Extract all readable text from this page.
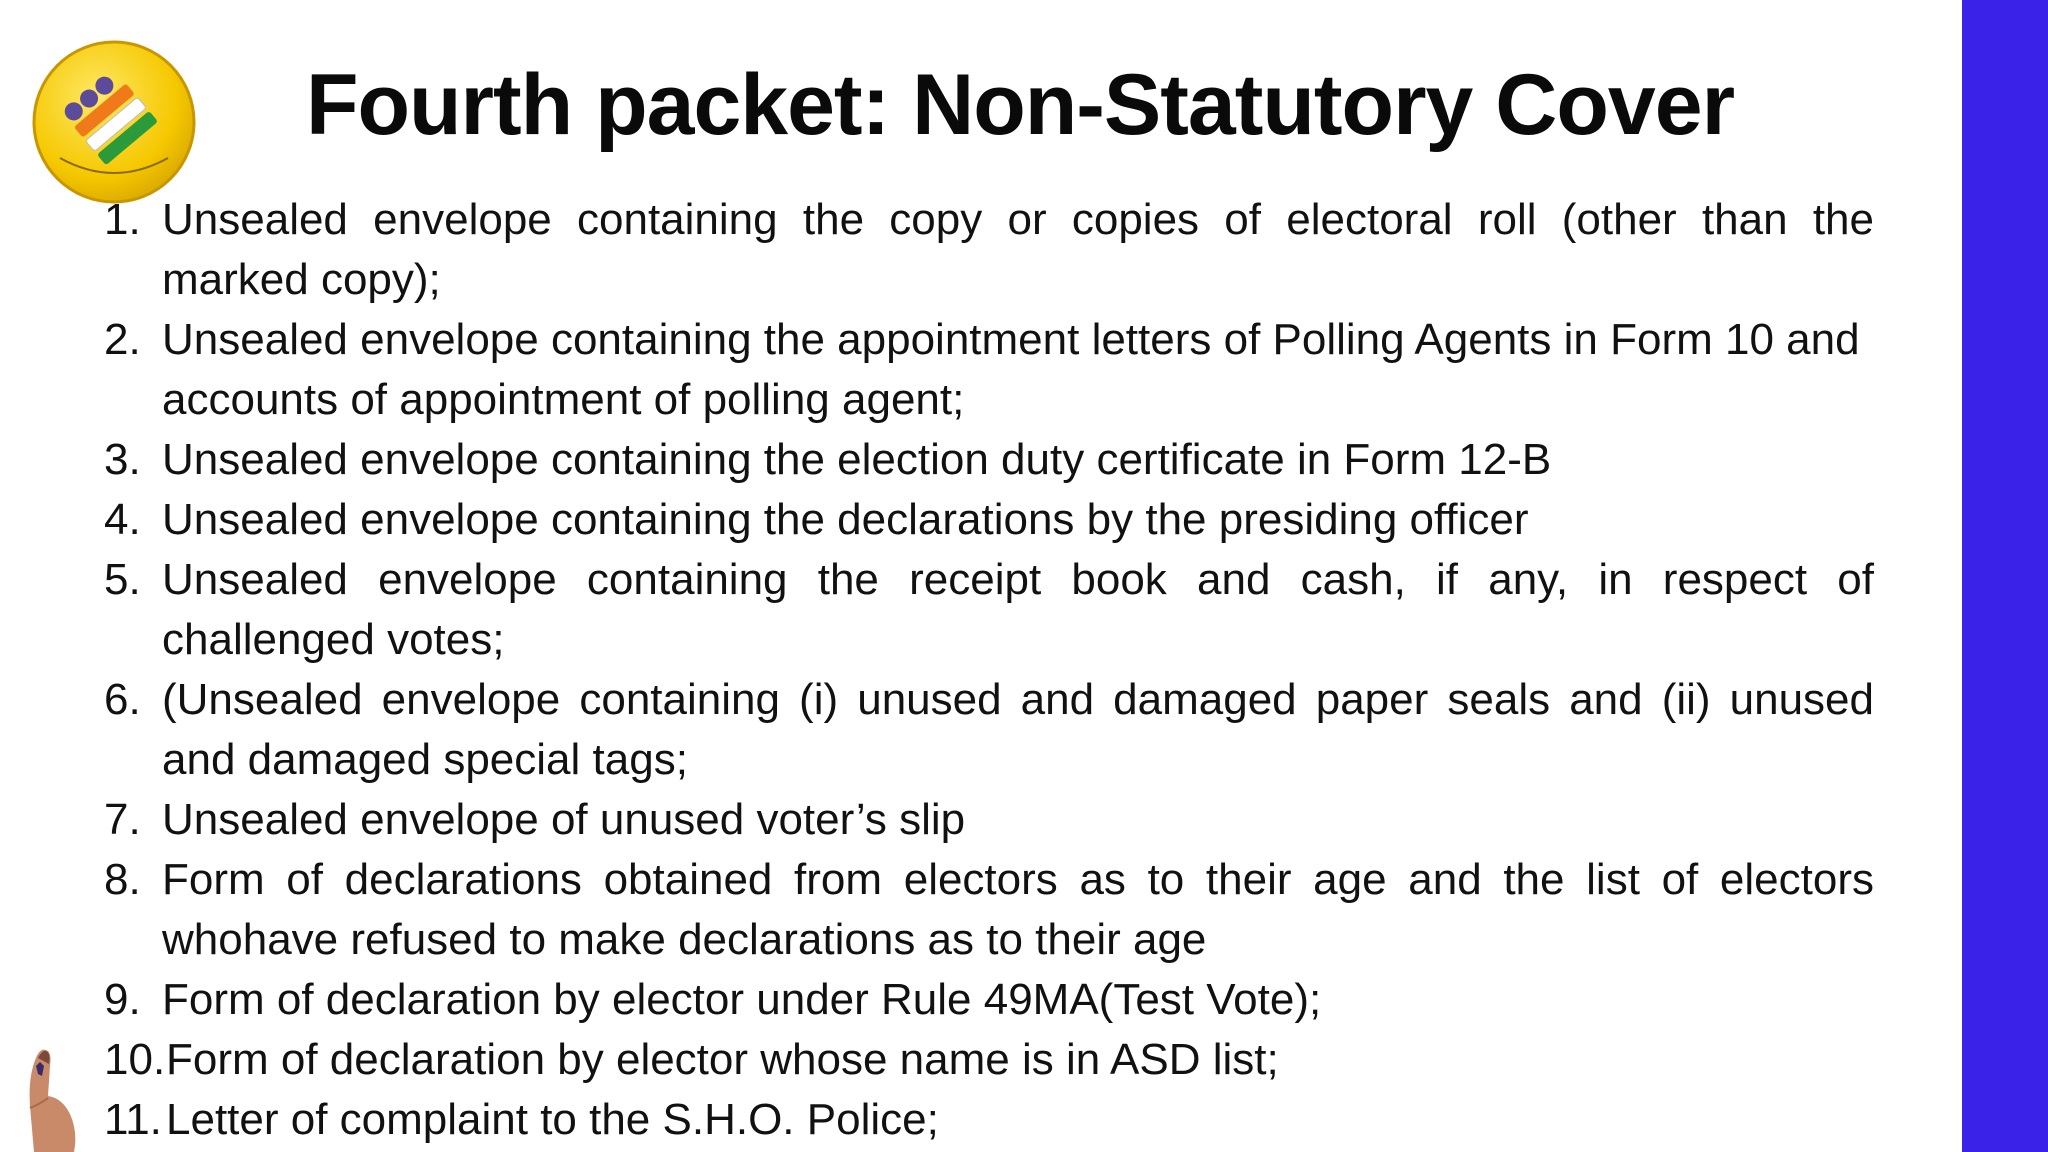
Fourth packet: Non-Statutory Cover
1. Unsealed envelope containing the copy or copies of electoral roll (other than the marked copy);
2. Unsealed envelope containing the appointment letters of Polling Agents in Form 10 and accounts of appointment of polling agent;
3. Unsealed envelope containing the election duty certificate in Form 12-B
4. Unsealed envelope containing the declarations by the presiding officer
5. Unsealed envelope containing the receipt book and cash, if any, in respect of challenged votes;
6. (Unsealed envelope containing (i) unused and damaged paper seals and (ii) unused and damaged special tags;
7. Unsealed envelope of unused voter’s slip
8. Form of declarations obtained from electors as to their age and the list of electors whohave refused to make declarations as to their age
9. Form of declaration by elector under Rule 49MA(Test Vote);
10. Form of declaration by elector whose name is in ASD list;
11. Letter of complaint to the S.H.O. Police;
